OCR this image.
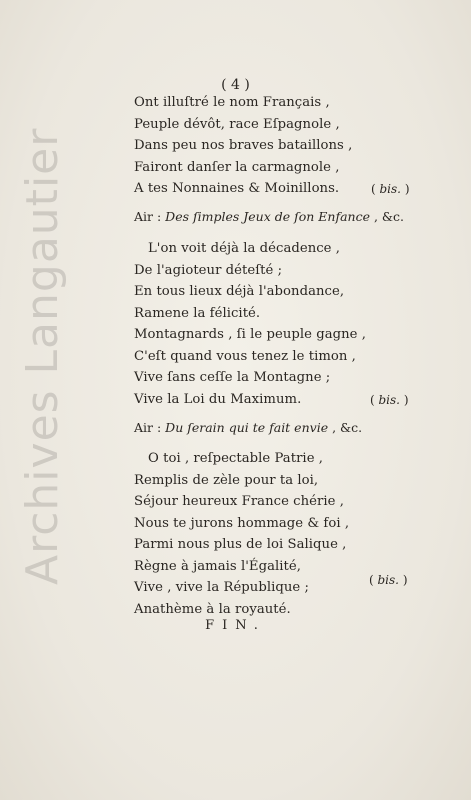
( 4 )
Ont illuſtré le nom Français ,
Peuple dévôt, race Eſpagnole ,
Dans peu nos braves bataillons ,
Fairont danſer la carmagnole ,
A tes Nonnaines & Moinillons.	( bis. )
Air : Des ſimples Jeux de ſon Enfance , &c.
L'on voit déjà la décadence ,
De l'agioteur déteſté ;
En tous lieux déjà l'abondance,
Ramene la félicité.
Montagnards , ſi le peuple gagne ,
C'eſt quand vous tenez le timon ,
Vive ſans ceſſe la Montagne ;
Vive la Loi du Maximum.	( bis. )
Air : Du ſerain qui te fait envie , &c.
O toi , reſpectable Patrie ,
Remplis de zèle pour ta loi,
Séjour heureux France chérie ,
Nous te jurons hommage & foi ,
Parmi nous plus de loi Salique ,
Règne à jamais l'Égalité,
Vive , vive la République ;
Anathème à la royauté.
( bis. )
FIN.
Archives Langautier
